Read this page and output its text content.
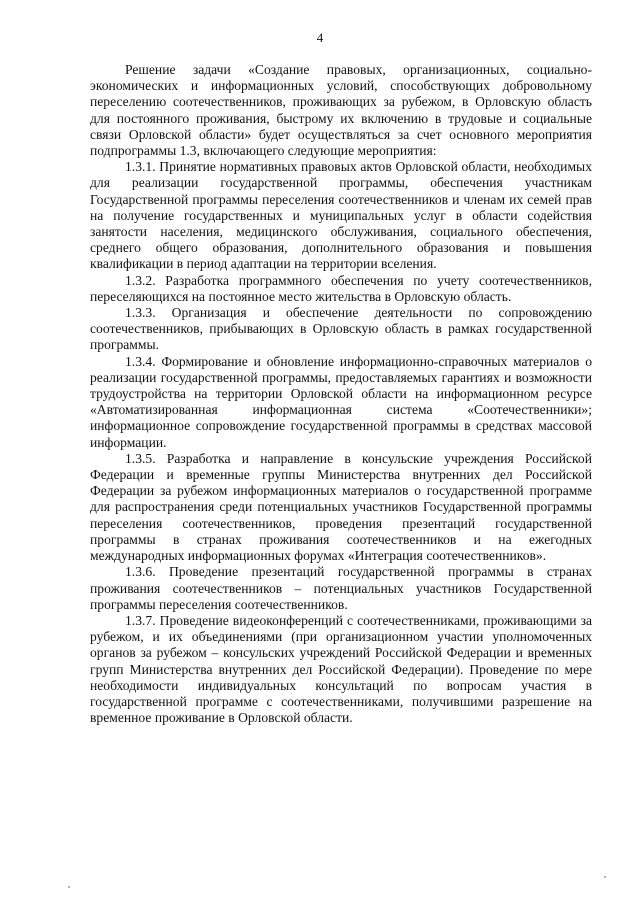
4

Решение задачи «Создание правовых, организационных, социально-экономических и информационных условий, способствующих добровольному переселению соотечественников, проживающих за рубежом, в Орловскую область для постоянного проживания, быстрому их включению в трудовые и социальные связи Орловской области» будет осуществляться за счет основного мероприятия подпрограммы 1.3, включающего следующие мероприятия:

1.3.1. Принятие нормативных правовых актов Орловской области, необходимых для реализации государственной программы, обеспечения участникам Государственной программы переселения соотечественников и членам их семей прав на получение государственных и муниципальных услуг в области содействия занятости населения, медицинского обслуживания, социального обеспечения, среднего общего образования, дополнительного образования и повышения квалификации в период адаптации на территории вселения.

1.3.2. Разработка программного обеспечения по учету соотечественников, переселяющихся на постоянное место жительства в Орловскую область.

1.3.3. Организация и обеспечение деятельности по сопровождению соотечественников, прибывающих в Орловскую область в рамках государственной программы.

1.3.4. Формирование и обновление информационно-справочных материалов о реализации государственной программы, предоставляемых гарантиях и возможности трудоустройства на территории Орловской области на информационном ресурсе «Автоматизированная информационная система «Соотечественники»; информационное сопровождение государственной программы в средствах массовой информации.

1.3.5. Разработка и направление в консульские учреждения Российской Федерации и временные группы Министерства внутренних дел Российской Федерации за рубежом информационных материалов о государственной программе для распространения среди потенциальных участников Государственной программы переселения соотечественников, проведения презентаций государственной программы в странах проживания соотечественников и на ежегодных международных информационных форумах «Интеграция соотечественников».

1.3.6. Проведение презентаций государственной программы в странах проживания соотечественников – потенциальных участников Государственной программы переселения соотечественников.

1.3.7. Проведение видеоконференций с соотечественниками, проживающими за рубежом, и их объединениями (при организационном участии уполномоченных органов за рубежом – консульских учреждений Российской Федерации и временных групп Министерства внутренних дел Российской Федерации). Проведение по мере необходимости индивидуальных консультаций по вопросам участия в государственной программе с соотечественниками, получившими разрешение на временное проживание в Орловской области.
